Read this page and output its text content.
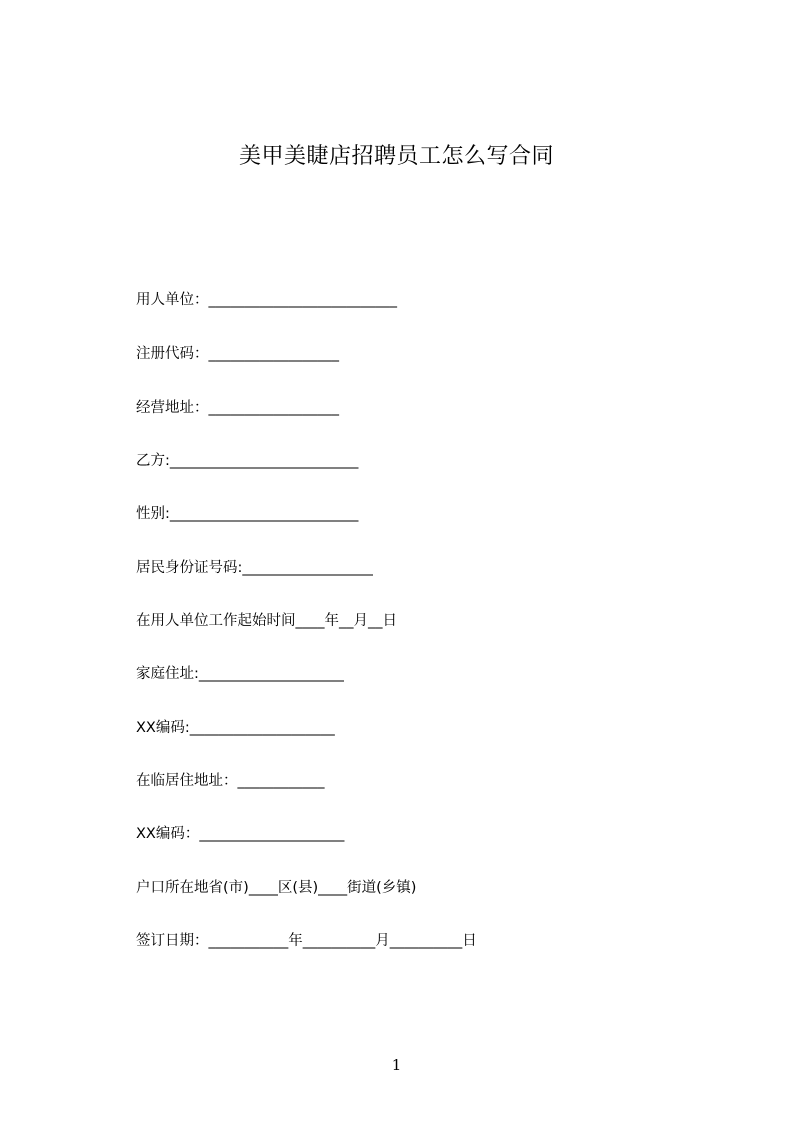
美甲美睫店招聘员工怎么写合同
用人单位：__________________________
注册代码：__________________
经营地址：__________________
乙方:__________________________
性别:__________________________
居民身份证号码:__________________
在用人单位工作起始时间____年__月__日
家庭住址:____________________
XX编码:____________________
在临居住地址：____________
XX编码：____________________
户口所在地省(市)____区(县)____街道(乡镇)
签订日期：___________年__________月__________日
1
